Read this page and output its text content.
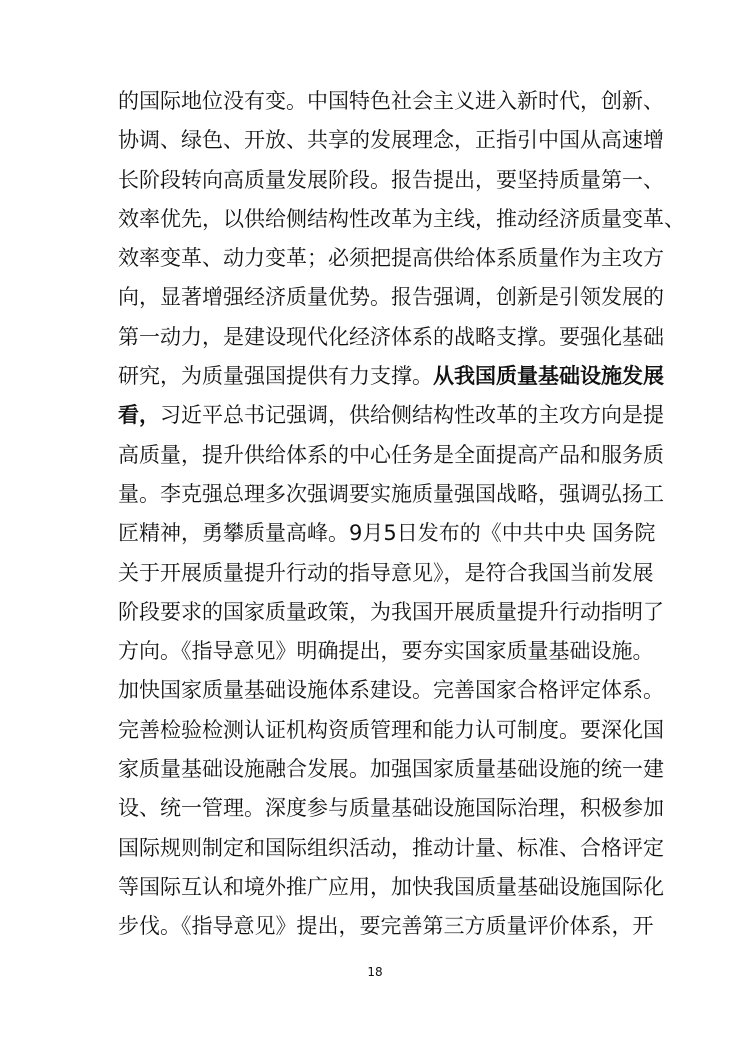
的国际地位没有变。中国特色社会主义进入新时代，创新、
协调、绿色、开放、共享的发展理念，正指引中国从高速增
长阶段转向高质量发展阶段。报告提出，要坚持质量第一、
效率优先，以供给侧结构性改革为主线，推动经济质量变革、
效率变革、动力变革；必须把提高供给体系质量作为主攻方
向，显著增强经济质量优势。报告强调，创新是引领发展的
第一动力，是建设现代化经济体系的战略支撑。要强化基础
研究，为质量强国提供有力支撑。从我国质量基础设施发展
看，习近平总书记强调，供给侧结构性改革的主攻方向是提
高质量，提升供给体系的中心任务是全面提高产品和服务质
量。李克强总理多次强调要实施质量强国战略，强调弘扬工
匠精神，勇攀质量高峰。9月5日发布的《中共中央 国务院
关于开展质量提升行动的指导意见》，是符合我国当前发展
阶段要求的国家质量政策，为我国开展质量提升行动指明了
方向。《指导意见》明确提出，要夯实国家质量基础设施。
加快国家质量基础设施体系建设。完善国家合格评定体系。
完善检验检测认证机构资质管理和能力认可制度。要深化国
家质量基础设施融合发展。加强国家质量基础设施的统一建
设、统一管理。深度参与质量基础设施国际治理，积极参加
国际规则制定和国际组织活动，推动计量、标准、合格评定
等国际互认和境外推广应用，加快我国质量基础设施国际化
步伐。《指导意见》提出，要完善第三方质量评价体系，开
18
